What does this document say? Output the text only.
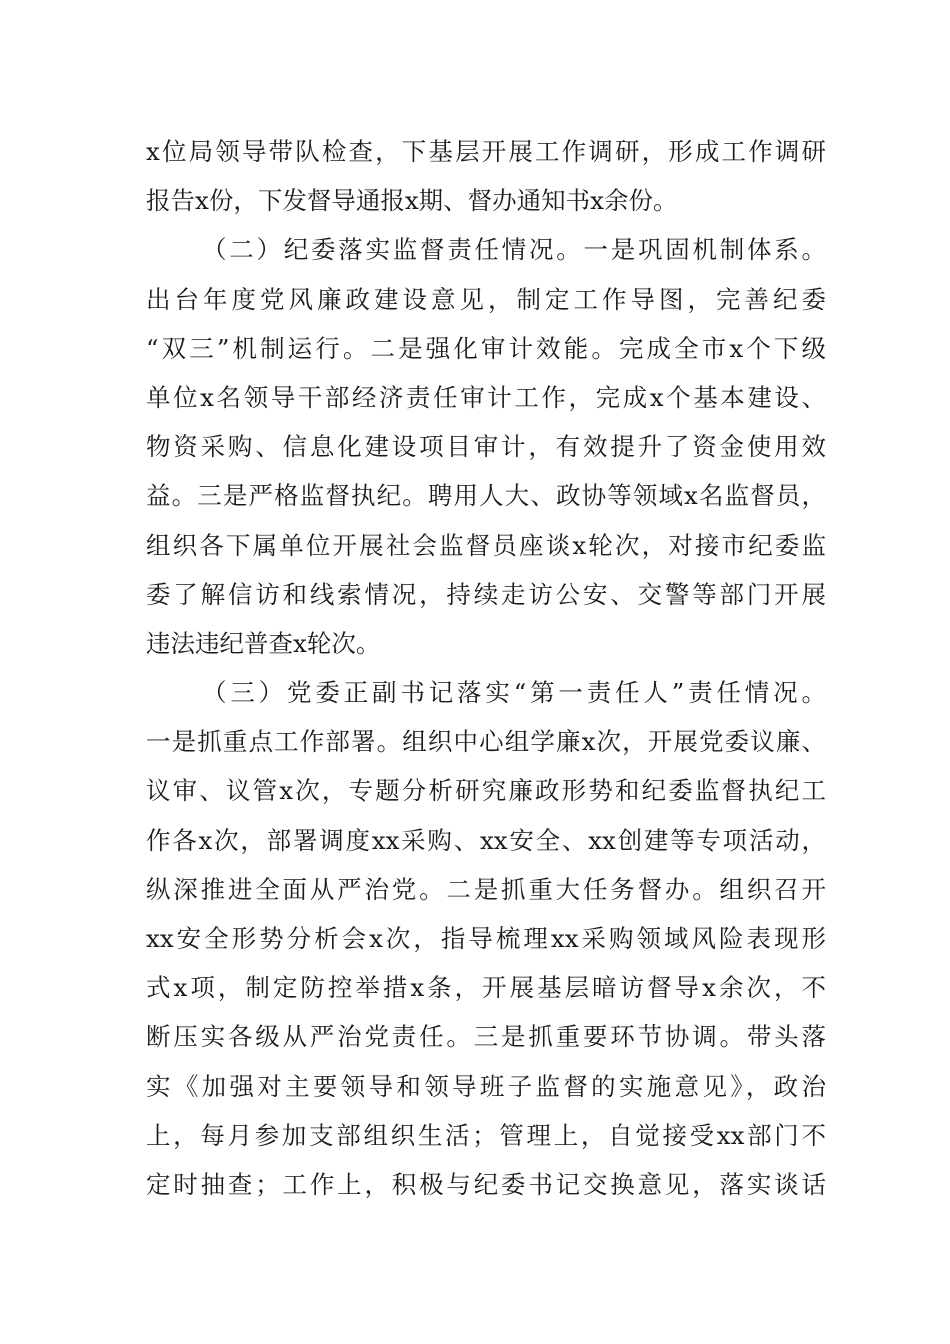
x位局领导带队检查，下基层开展工作调研，形成工作调研
报告x份，下发督导通报x期、督办通知书x余份。
（二）纪委落实监督责任情况。一是巩固机制体系。
出台年度党风廉政建设意见，制定工作导图，完善纪委
“双三”机制运行。二是强化审计效能。完成全市x个下级
单位x名领导干部经济责任审计工作，完成x个基本建设、
物资采购、信息化建设项目审计，有效提升了资金使用效
益。三是严格监督执纪。聘用人大、政协等领域x名监督员，
组织各下属单位开展社会监督员座谈x轮次，对接市纪委监
委了解信访和线索情况，持续走访公安、交警等部门开展
违法违纪普查x轮次。
（三）党委正副书记落实“第一责任人”责任情况。
一是抓重点工作部署。组织中心组学廉x次，开展党委议廉、
议审、议管x次，专题分析研究廉政形势和纪委监督执纪工
作各x次，部署调度xx采购、xx安全、xx创建等专项活动，
纵深推进全面从严治党。二是抓重大任务督办。组织召开
xx安全形势分析会x次，指导梳理xx采购领域风险表现形
式x项，制定防控举措x条，开展基层暗访督导x余次，不
断压实各级从严治党责任。三是抓重要环节协调。带头落
实《加强对主要领导和领导班子监督的实施意见》，政治
上，每月参加支部组织生活；管理上，自觉接受xx部门不
定时抽查；工作上，积极与纪委书记交换意见，落实谈话
